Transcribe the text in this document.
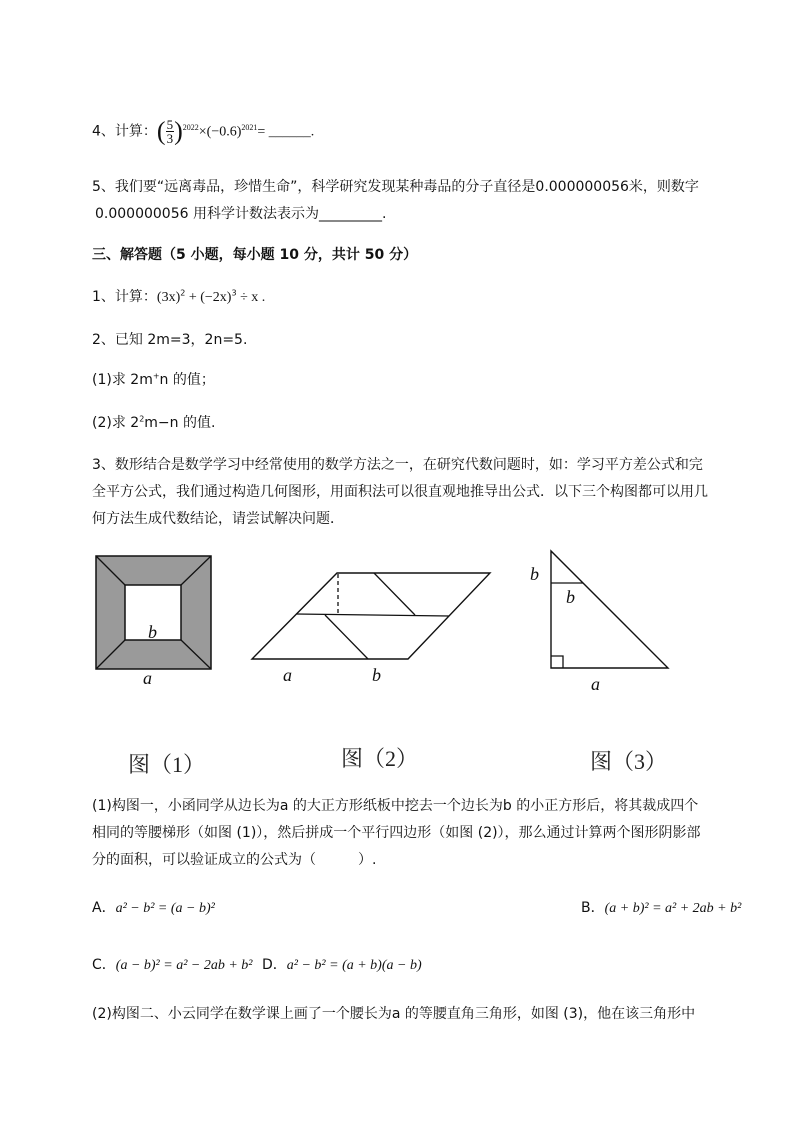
4、计算：( $\frac{5}{3} )^{2022}\times(-0.6)^{2021}=$ ______.
5、我们要“远离毒品，珍惜生命”，科学研究发现某种毒品的分子直径是0.000000056米，则数字
0.000000056 用科学计数法表示为_________.
三、解答题（5 小题，每小题 10 分，共计 50 分）
1、计算：$(3x)^2 + (-2x)^3 \div x$ .
2、已知 2m=3，2n=5.
(1)求 2m+n 的值；
(2)求 $2^2m-n$ 的值.
3、数形结合是数学学习中经常使用的数学方法之一，在研究代数问题时，如：学习平方差公式和完
全平方公式，我们通过构造几何图形，用面积法可以很直观地推导出公式．以下三个构图都可以用几
何方法生成代数结论，请尝试解决问题．
b
a	a	b
b
b
a
图（1）	图（2）	图（3）
(1)构图一，小函同学从边长为a 的大正方形纸板中挖去一个边长为b 的小正方形后，将其裁成四个
相同的等腰梯形（如图 (1)），然后拼成一个平行四边形（如图 (2)），那么通过计算两个图形阴影部
分的面积，可以验证成立的公式为（　　　）.
A．a² − b² = (a − b)²	B．(a + b)² = a² + 2ab + b²
C．(a − b)² = a² − 2ab + b² D．a² − b² = (a + b)(a − b)
(2)构图二、小云同学在数学课上画了一个腰长为a 的等腰直角三角形，如图 (3)，他在该三角形中
